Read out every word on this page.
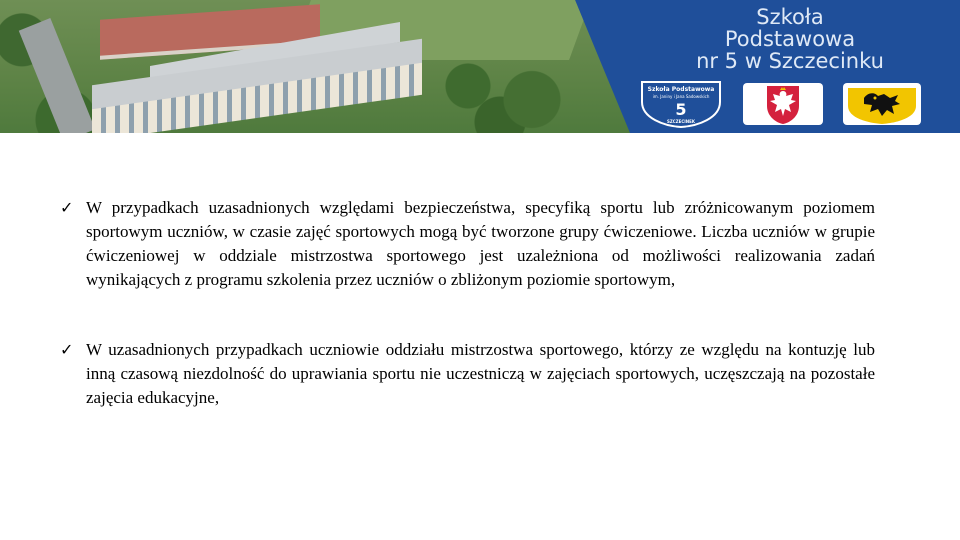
Szkoła
Podstawowa
nr 5 w Szczecinku
Szkoła Podstawowa
im. Janiny i Jana Sadowskich
5
SZCZECINEK
✓ W przypadkach uzasadnionych względami bezpieczeństwa, specyfiką sportu lub zróżnicowanym poziomem sportowym uczniów, w czasie zajęć sportowych mogą być tworzone grupy ćwiczeniowe. Liczba uczniów w grupie ćwiczeniowej w oddziale mistrzostwa sportowego jest uzależniona od możliwości realizowania zadań wynikających z programu szkolenia przez uczniów o zbliżonym poziomie sportowym,

✓ W uzasadnionych przypadkach uczniowie oddziału mistrzostwa sportowego, którzy ze względu na kontuzję lub inną czasową niezdolność do uprawiania sportu nie uczestniczą w zajęciach sportowych, uczęszczają na pozostałe zajęcia edukacyjne,
